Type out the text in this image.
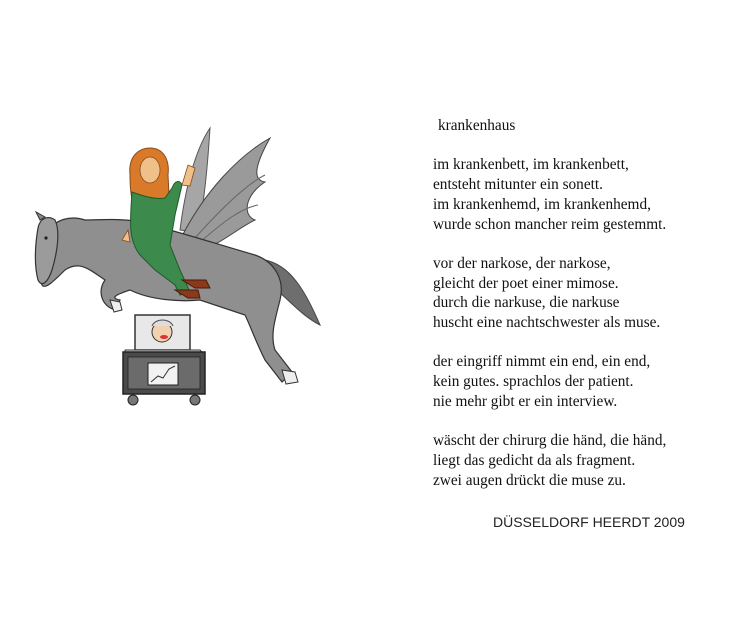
krankenhaus
im krankenbett, im krankenbett,
entsteht mitunter ein sonett.
im krankenhemd, im krankenhemd,
wurde schon mancher reim gestemmt.
vor der narkose, der narkose,
gleicht der poet einer mimose.
durch die narkuse, die narkuse
huscht eine nachtschwester als muse.
der eingriff nimmt ein end, ein end,
kein gutes. sprachlos der patient.
nie mehr gibt er ein interview.
wäscht der chirurg die händ, die händ,
liegt das gedicht da als fragment.
zwei augen drückt die muse zu.
DÜSSELDORF HEERDT 2009
